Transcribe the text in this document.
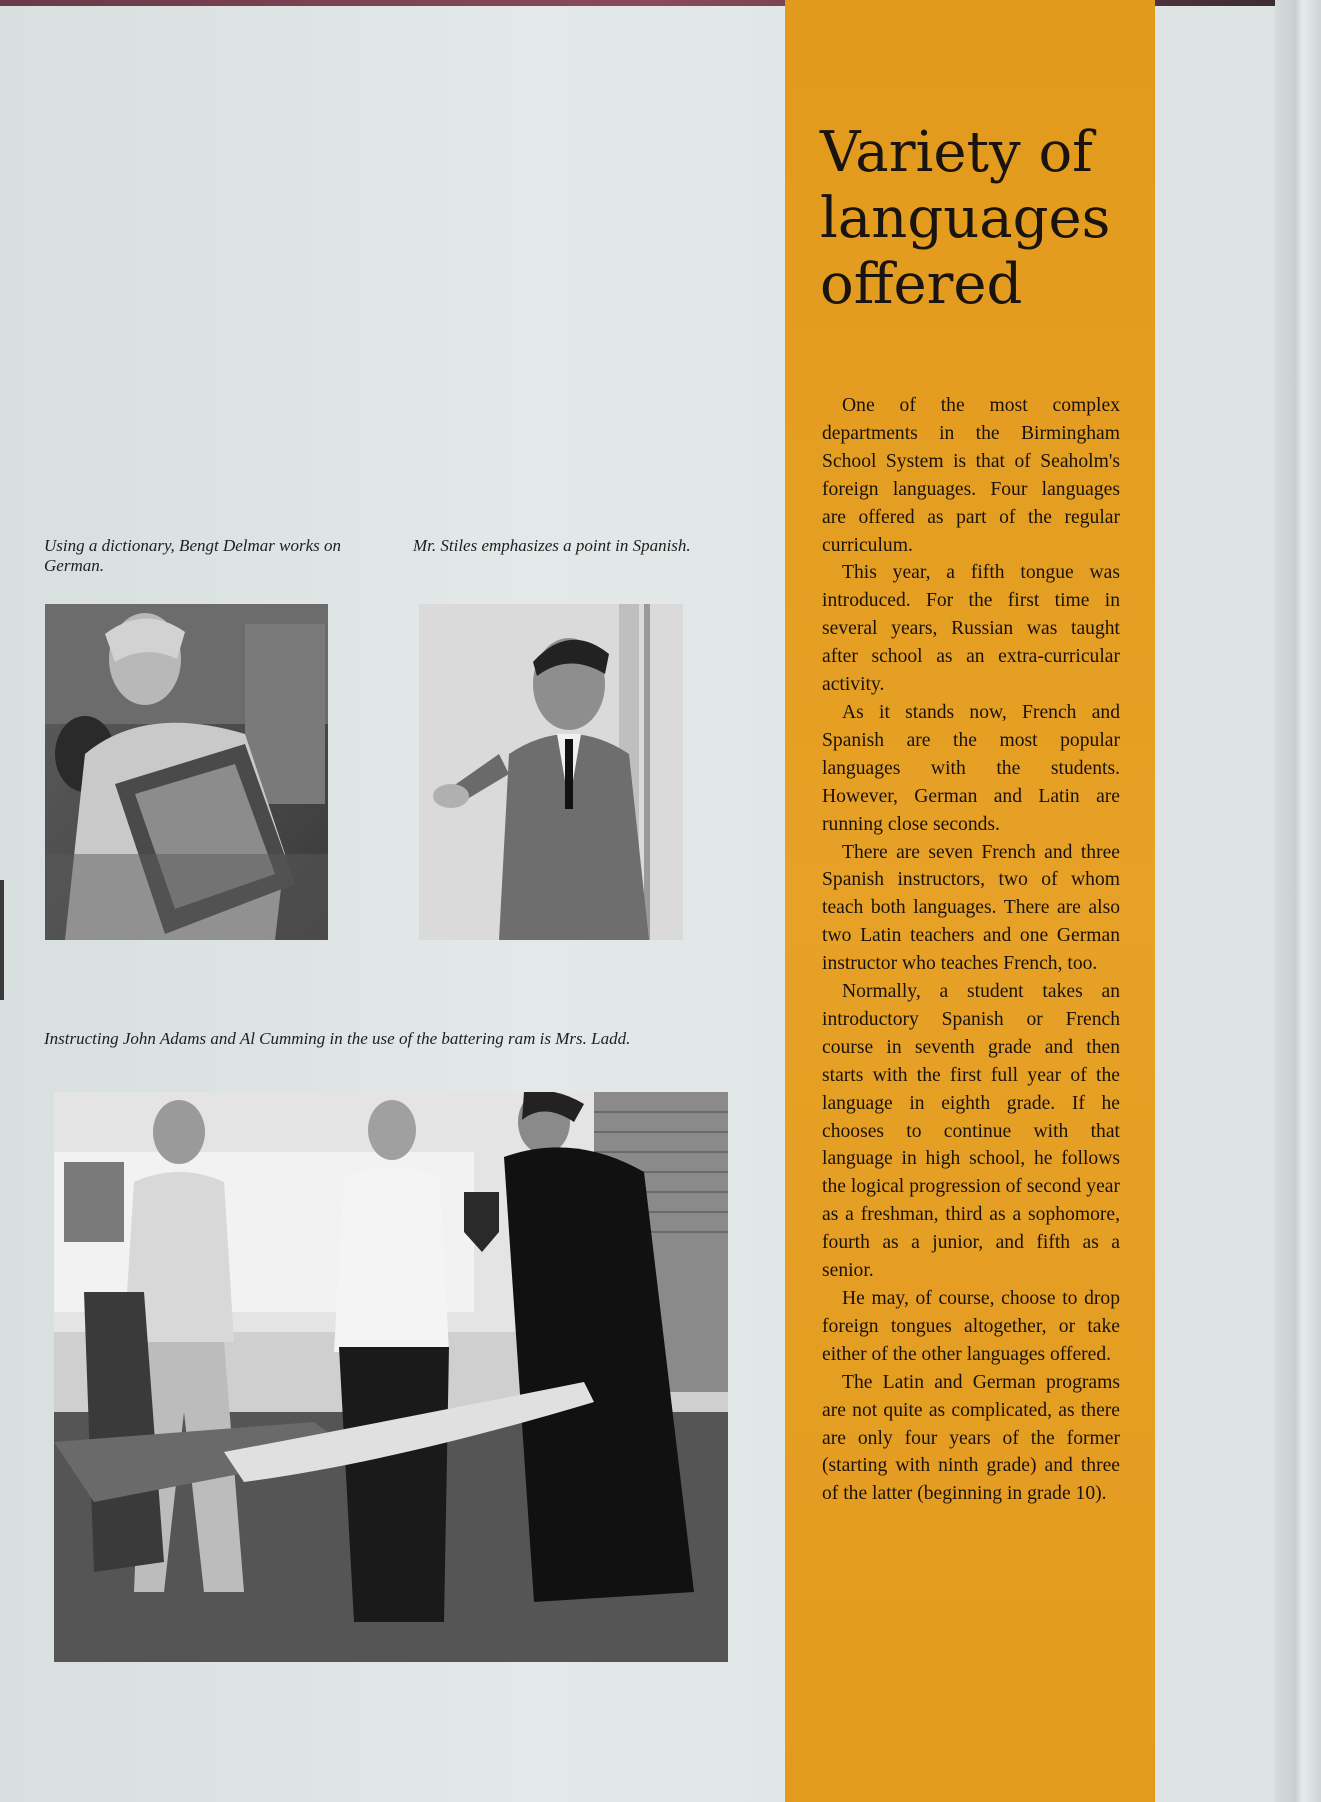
Using a dictionary, Bengt Delmar works on German.

Mr. Stiles emphasizes a point in Spanish.

Instructing John Adams and Al Cumming in the use of the battering ram is Mrs. Ladd.

Variety of
languages
offered

One of the most complex departments in the Birmingham School System is that of Seaholm's foreign languages. Four languages are offered as part of the regular curriculum.

This year, a fifth tongue was introduced. For the first time in several years, Russian was taught after school as an extra-curricular activity.

As it stands now, French and Spanish are the most popular languages with the students. However, German and Latin are running close seconds.

There are seven French and three Spanish instructors, two of whom teach both languages. There are also two Latin teachers and one German instructor who teaches French, too.

Normally, a student takes an introductory Spanish or French course in seventh grade and then starts with the first full year of the language in eighth grade. If he chooses to continue with that language in high school, he follows the logical progression of second year as a freshman, third as a sophomore, fourth as a junior, and fifth as a senior.

He may, of course, choose to drop foreign tongues altogether, or take either of the other languages offered.

The Latin and German programs are not quite as complicated, as there are only four years of the former (starting with ninth grade) and three of the latter (beginning in grade 10).
